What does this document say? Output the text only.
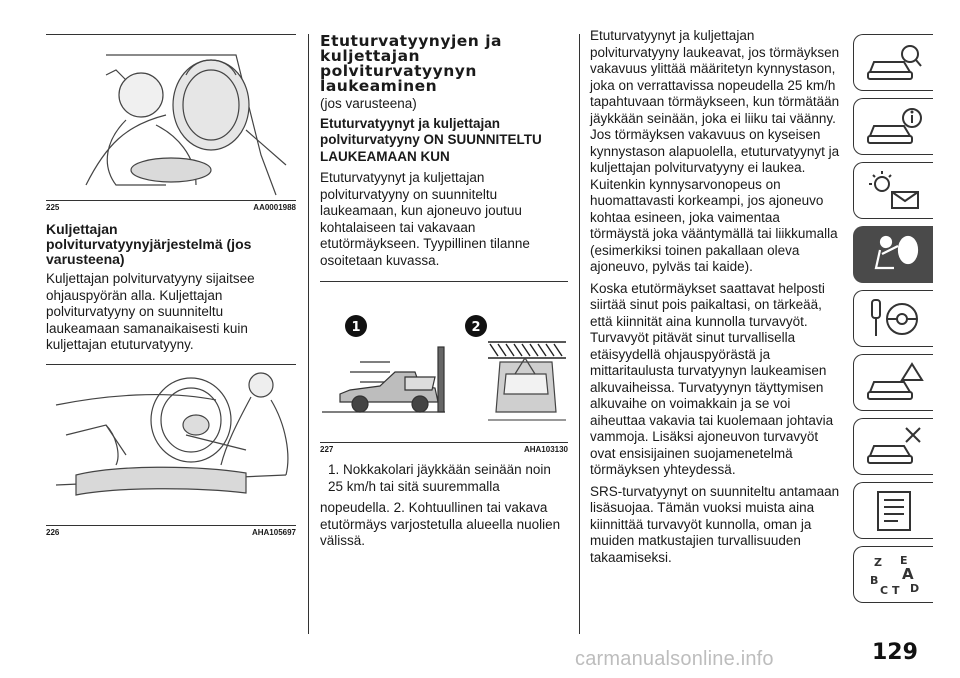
225	AA0001988
Kuljettajan polviturvatyynyjärjestelmä (jos varusteena)

Kuljettajan polviturvatyyny sijaitsee ohjauspyörän alla. Kuljettajan polviturvatyyny on suunniteltu laukeamaan samanaikaisesti kuin kuljettajan etuturvatyyny.

226	AHA105697
Etuturvatyynyjen ja kuljettajan polviturvatyynyn laukeaminen

(jos varusteena)

Etuturvatyynyt ja kuljettajan polviturvatyyny ON SUUNNITELTU LAUKEAMAAN KUN

Etuturvatyynyt ja kuljettajan polviturvatyyny on suunniteltu laukeamaan, kun ajoneuvo joutuu kohtalaiseen tai vakavaan etutörmäykseen. Tyypillinen tilanne osoitetaan kuvassa.

1	2
227	AHA103130

1. Nokkakolari jäykkään seinään noin 25 km/h tai sitä suuremmalla

nopeudella. 2. Kohtuullinen tai vakava etutörmäys varjostetulla alueella nuolien välissä.

Etuturvatyynyt ja kuljettajan polviturvatyyny laukeavat, jos törmäyksen vakavuus ylittää määritetyn kynnystason, joka on verrattavissa nopeudella 25 km/h tapahtuvaan törmäykseen, kun törmätään jäykkään seinään, joka ei liiku tai väänny. Jos törmäyksen vakavuus on kyseisen kynnystason alapuolella, etuturvatyynyt ja kuljettajan polviturvatyyny ei laukea. Kuitenkin kynnysarvonopeus on huomattavasti korkeampi, jos ajoneuvo kohtaa esineen, joka vaimentaa törmäystä joka vääntymällä tai liikkumalla (esimerkiksi toinen pakallaan oleva ajoneuvo, pylväs tai kaide).

Koska etutörmäykset saattavat helposti siirtää sinut pois paikaltasi, on tärkeää, että kiinnität aina kunnolla turvavyöt. Turvavyöt pitävät sinut turvallisella etäisyydellä ohjauspyörästä ja mittaritaulusta turvatyynyn laukeamisen alkuvaiheissa. Turvatyynyn täyttymisen alkuvaihe on voimakkain ja se voi aiheuttaa vakavia tai kuolemaan johtavia vammoja. Lisäksi ajoneuvon turvavyöt ovat ensisijainen suojamenetelmä törmäyksen yhteydessä.

SRS-turvatyynyt on suunniteltu antamaan lisäsuojaa. Tämän vuoksi muista aina kiinnittää turvavyöt kunnolla, oman ja muiden matkustajien turvallisuuden takaamiseksi.	Z E
A
B
C T D
carmanualsonline.info	129
